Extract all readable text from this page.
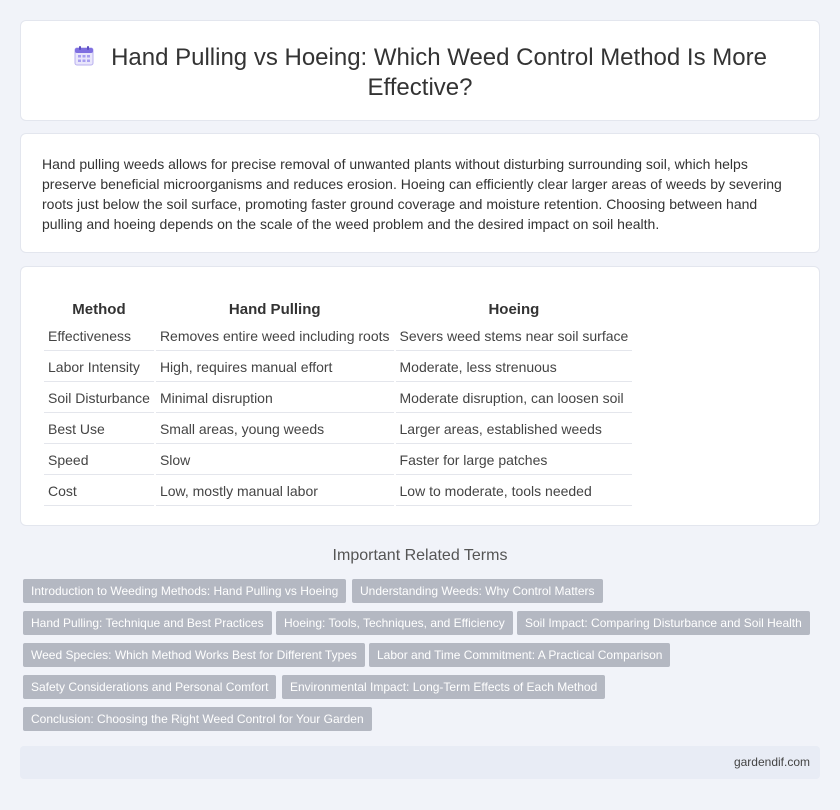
Hand Pulling vs Hoeing: Which Weed Control Method Is More Effective?

Hand pulling weeds allows for precise removal of unwanted plants without disturbing surrounding soil, which helps preserve beneficial microorganisms and reduces erosion. Hoeing can efficiently clear larger areas of weeds by severing roots just below the soil surface, promoting faster ground coverage and moisture retention. Choosing between hand pulling and hoeing depends on the scale of the weed problem and the desired impact on soil health.

Method	Hand Pulling	Hoeing
Effectiveness	Removes entire weed including roots	Severs weed stems near soil surface
Labor Intensity	High, requires manual effort	Moderate, less strenuous
Soil Disturbance	Minimal disruption	Moderate disruption, can loosen soil
Best Use	Small areas, young weeds	Larger areas, established weeds
Speed	Slow	Faster for large patches
Cost	Low, mostly manual labor	Low to moderate, tools needed
Important Related Terms
Introduction to Weeding Methods: Hand Pulling vs Hoeing	Understanding Weeds: Why Control Matters
Hand Pulling: Technique and Best Practices	Hoeing: Tools, Techniques, and Efficiency	Soil Impact: Comparing Disturbance and Soil Health
Weed Species: Which Method Works Best for Different Types	Labor and Time Commitment: A Practical Comparison
Safety Considerations and Personal Comfort	Environmental Impact: Long-Term Effects of Each Method
Conclusion: Choosing the Right Weed Control for Your Garden
gardendif.com
